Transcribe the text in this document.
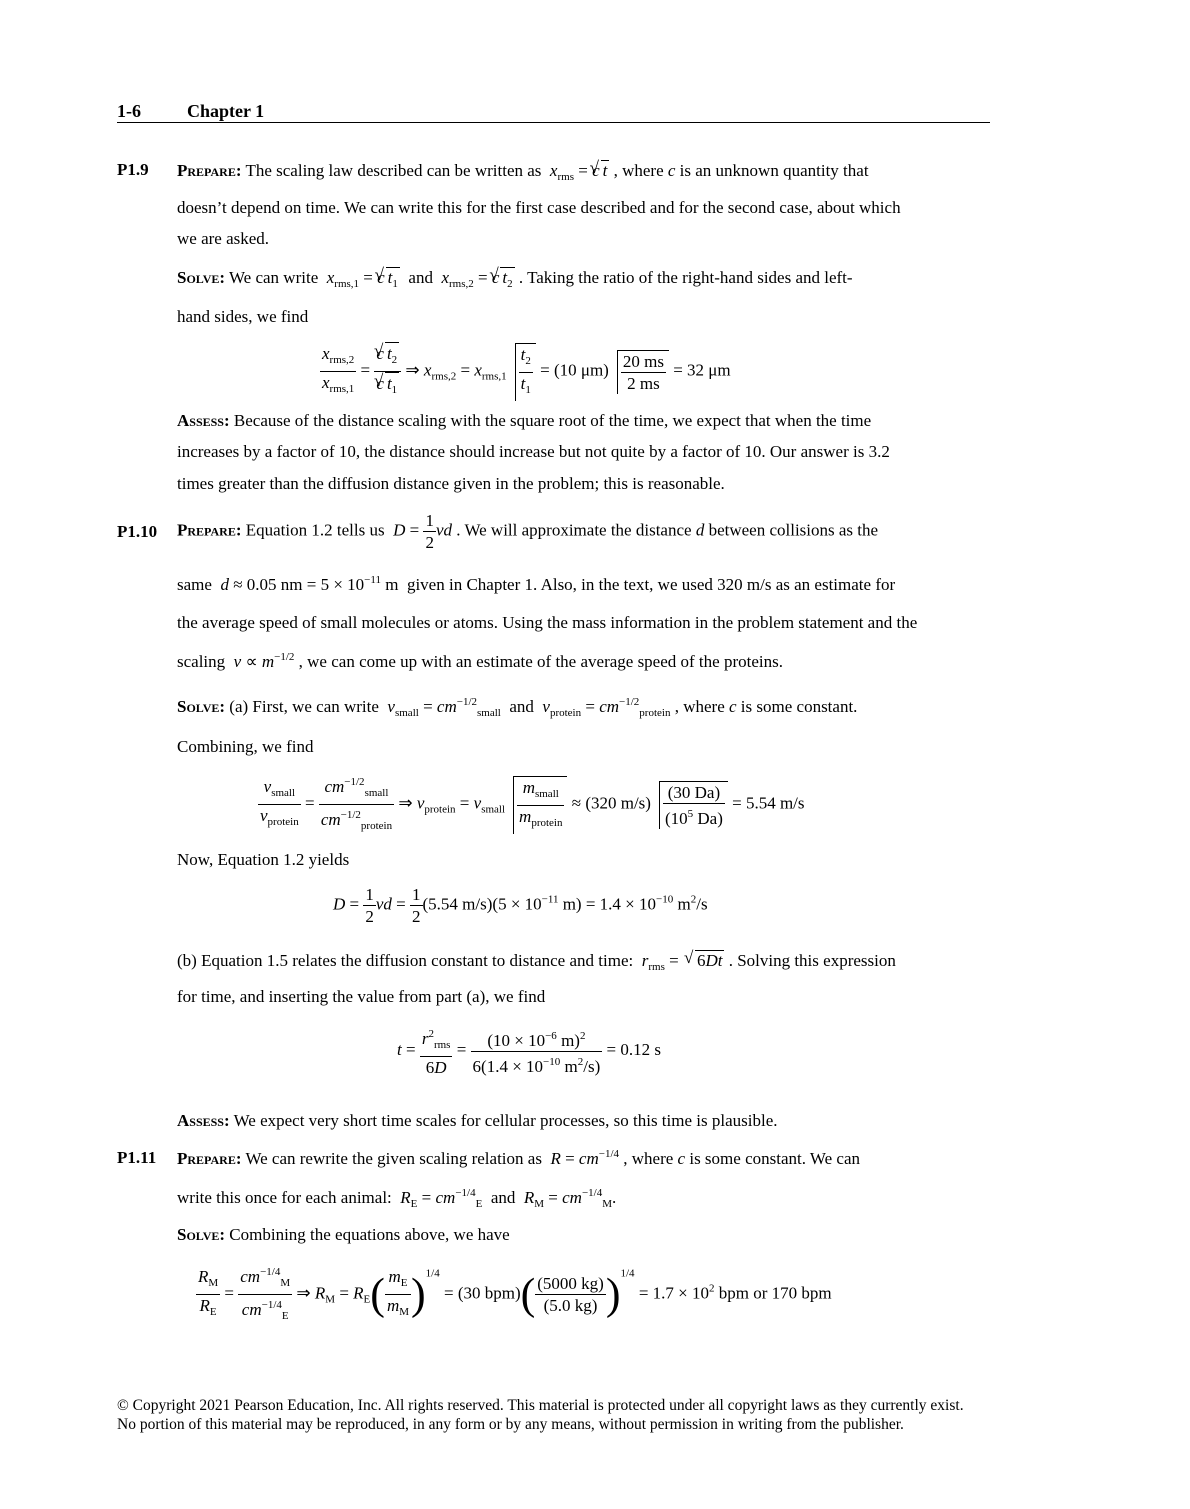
1-6	Chapter 1
P1.9 Prepare: The scaling law described can be written as $x_{rms} = c√$ t , where c is an unknown quantity that
doesn’t depend on time. We can write this for the first case described and for the second case, about which
we are asked.
Solve: We can write $x_{rms,1} = c√$ $t_1$ and $x_{rms,2} = c√$ $t_2$ . Taking the ratio of the right-hand sides and left-
hand sides, we find
$\frac{x_{rms,2}}{x_{rms,1}} = \frac{c√ t_2}{c√ t_1}$ ⇒ $x_{rms,2} = x_{rms,1} \frac{t_2}{t_1} = (10$ $\mu m) \frac{20 ms}{2 ms} = 32$ μm
Assess: Because of the distance scaling with the square root of the time, we expect that when the time
increases by a factor of 10, the distance should increase but not quite by a factor of 10. Our answer is 3.2
times greater than the diffusion distance given in the problem; this is reasonable.
P1.10 Prepare: Equation 1.2 tells us $D = \frac{1}{2}$ vd . We will approximate the distance d between collisions as the
same d ≈ 0.05 nm = $5 \times 10^{-11}$ m  given in Chapter 1. Also, in the text, we used 320 m/s as an estimate for
the average speed of small molecules or atoms. Using the mass information in the problem statement and the
scaling $v \propto m^{-1/2}$ , we can come up with an estimate of the average speed of the proteins.
Solve: (a) First, we can write $v_{small} = cm^{-1/2}_{small}$ and $v_{protein} = cm^{-1/2}_{protein}$ , where c is some constant.
Combining, we find
$\frac{v_{small}}{v_{protein}} = \frac{cm^{-1/2}_{small}}{cm^{-1/2}_{protein}}$ ⇒ $v_{protein} = v_{small} \frac{m_{small}}{m_{protein}} \approx (320$ $m/s) \frac{(30 Da)}{(10^5 Da)} = 5.54$ m/s
Now, Equation 1.2 yields
$D = \frac{1}{2}$ vd = $\frac{1}{2} (5.54$ $m/s)(5 \times 10^{-11}$ $m) = 1.4 \times 10^{-10}$ $m^2/s$
(b) Equation 1.5 relates the diffusion constant to distance and time: $r_{rms}$ = √ 6Dt . Solving this expression
for time, and inserting the value from part (a), we find
$t = \frac{r^2_{rms}}{6D} = \frac{(10 \times 10^{-6} m)^2}{6(1.4 \times 10^{-10} m^2/s)} = 0.12$ s
Assess: We expect very short time scales for cellular processes, so this time is plausible.
P1.11 Prepare: We can rewrite the given scaling relation as $R = cm^{-1/4}$ , where c is some constant. We can
write this once for each animal: $R_E = cm^{-1/4}_E$ and $R_M = cm^{-1/4}_M$.
Solve: Combining the equations above, we have
$\frac{R_M}{R_E} = \frac{cm^{-1/4}_M}{cm^{-1/4}_E}$ ⇒ $R_M = R_E( \frac{m_E}{m_M} )^{1/4} = (30$ $bpm)( \frac{(5000 kg)}{(5.0 kg)} )^{1/4} = 1.7 \times 10^2$ bpm or 170 bpm
© Copyright 2021 Pearson Education, Inc. All rights reserved. This material is protected under all copyright laws as they currently exist.
No portion of this material may be reproduced, in any form or by any means, without permission in writing from the publisher.
